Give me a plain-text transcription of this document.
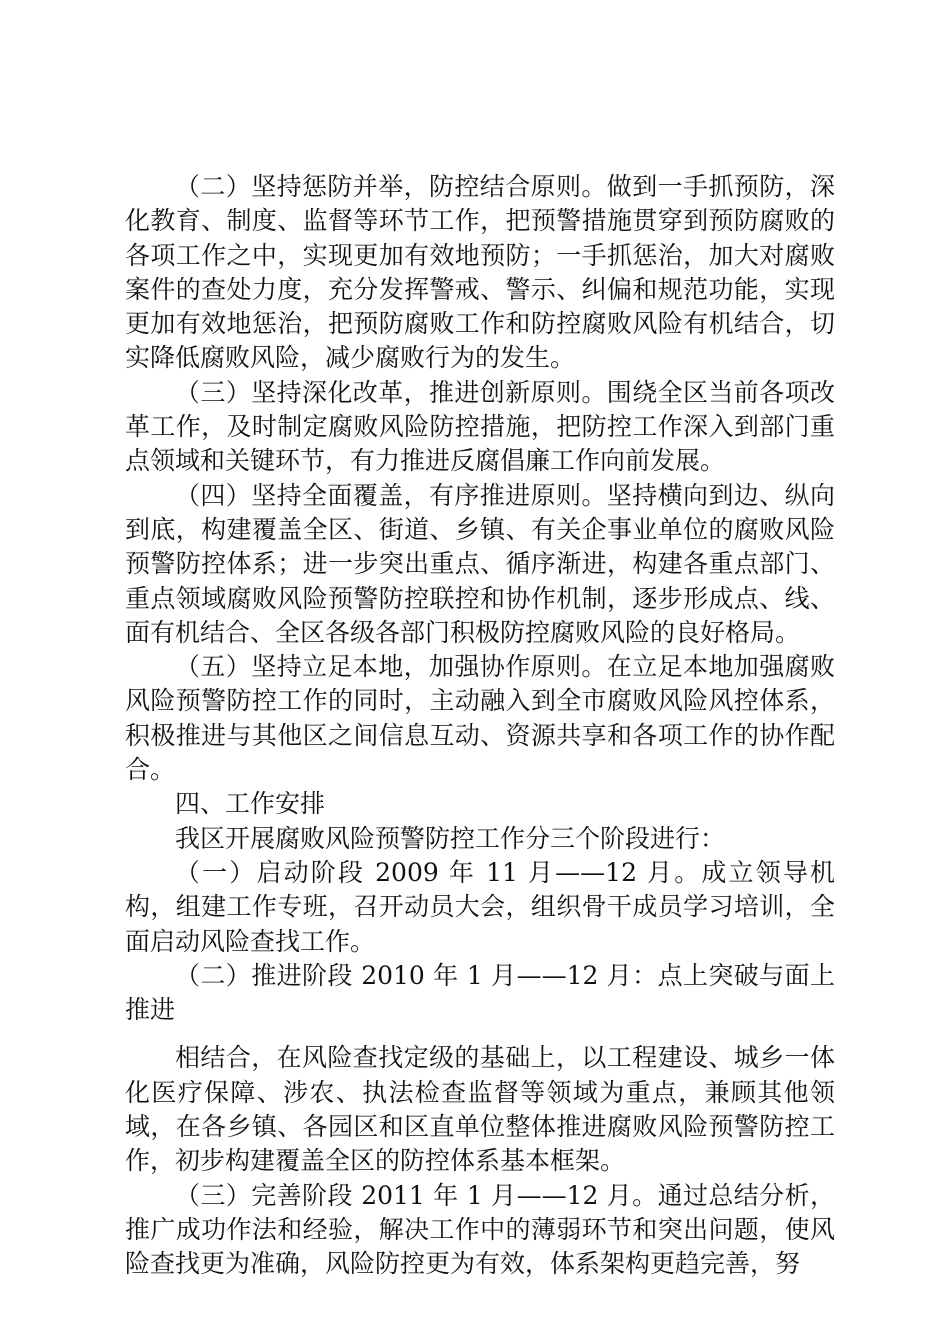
（二）坚持惩防并举，防控结合原则。做到一手抓预防，深化教育、制度、监督等环节工作，把预警措施贯穿到预防腐败的各项工作之中，实现更加有效地预防；一手抓惩治，加大对腐败案件的查处力度，充分发挥警戒、警示、纠偏和规范功能，实现更加有效地惩治，把预防腐败工作和防控腐败风险有机结合，切实降低腐败风险，减少腐败行为的发生。

（三）坚持深化改革，推进创新原则。围绕全区当前各项改革工作，及时制定腐败风险防控措施，把防控工作深入到部门重点领域和关键环节，有力推进反腐倡廉工作向前发展。

（四）坚持全面覆盖，有序推进原则。坚持横向到边、纵向到底，构建覆盖全区、街道、乡镇、有关企事业单位的腐败风险预警防控体系；进一步突出重点、循序渐进，构建各重点部门、重点领域腐败风险预警防控联控和协作机制，逐步形成点、线、面有机结合、全区各级各部门积极防控腐败风险的良好格局。

（五）坚持立足本地，加强协作原则。在立足本地加强腐败风险预警防控工作的同时，主动融入到全市腐败风险风控体系，积极推进与其他区之间信息互动、资源共享和各项工作的协作配合。

四、工作安排

我区开展腐败风险预警防控工作分三个阶段进行：

（一）启动阶段 2009 年 11 月——12 月。成立领导机构，组建工作专班，召开动员大会，组织骨干成员学习培训，全面启动风险查找工作。

（二）推进阶段 2010 年 1 月——12 月：点上突破与面上推进

相结合，在风险查找定级的基础上，以工程建设、城乡一体化医疗保障、涉农、执法检查监督等领域为重点，兼顾其他领域，在各乡镇、各园区和区直单位整体推进腐败风险预警防控工作，初步构建覆盖全区的防控体系基本框架。

（三）完善阶段 2011 年 1 月——12 月。通过总结分析，推广成功作法和经验，解决工作中的薄弱环节和突出问题，使风险查找更为准确，风险防控更为有效，体系架构更趋完善，努
